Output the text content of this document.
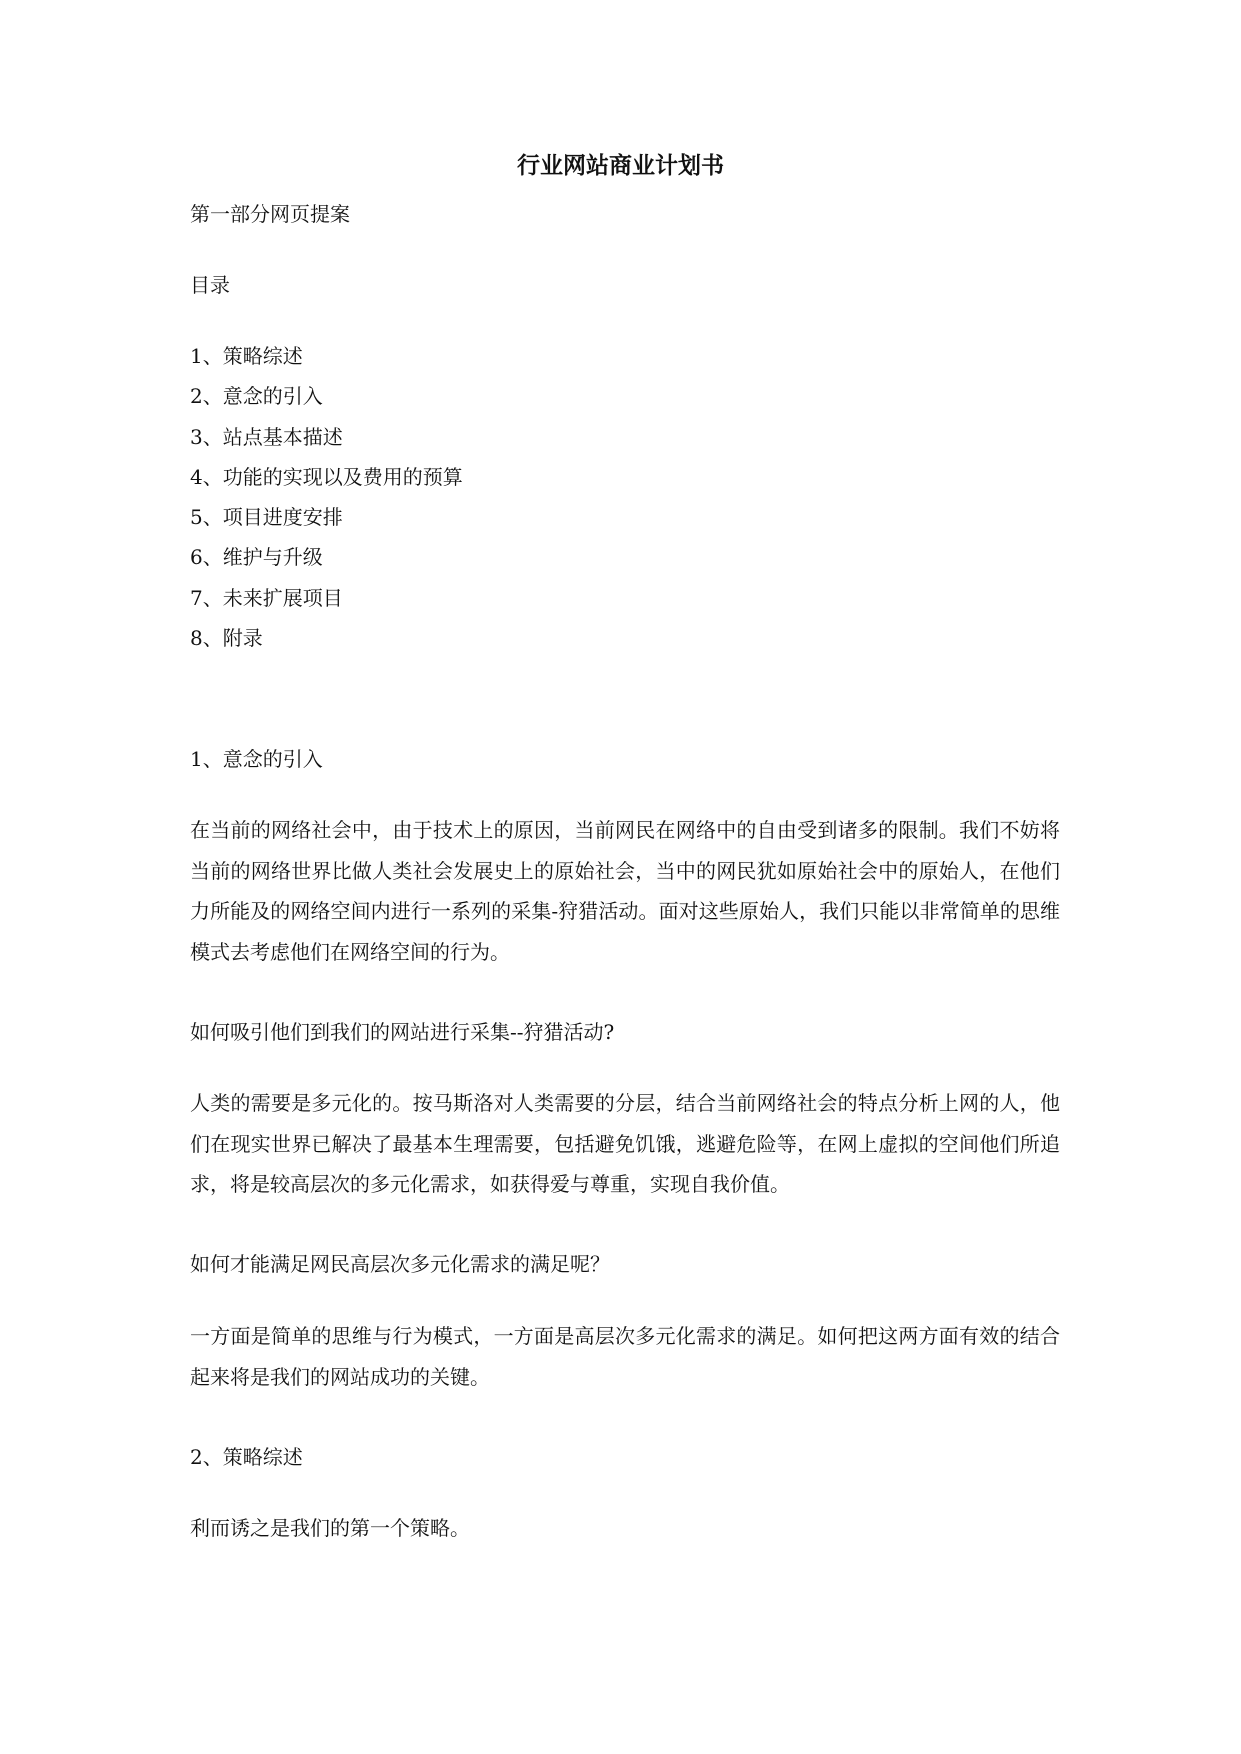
行业网站商业计划书
第一部分网页提案
目录
1、策略综述
2、意念的引入
3、站点基本描述
4、功能的实现以及费用的预算
5、项目进度安排
6、维护与升级
7、未来扩展项目
8、附录
1、意念的引入
在当前的网络社会中，由于技术上的原因，当前网民在网络中的自由受到诸多的限制。我们不妨将当前的网络世界比做人类社会发展史上的原始社会，当中的网民犹如原始社会中的原始人，在他们力所能及的网络空间内进行一系列的采集-狩猎活动。面对这些原始人，我们只能以非常简单的思维模式去考虑他们在网络空间的行为。
如何吸引他们到我们的网站进行采集--狩猎活动?
人类的需要是多元化的。按马斯洛对人类需要的分层，结合当前网络社会的特点分析上网的人，他们在现实世界已解决了最基本生理需要，包括避免饥饿，逃避危险等，在网上虚拟的空间他们所追求，将是较高层次的多元化需求，如获得爱与尊重，实现自我价值。
如何才能满足网民高层次多元化需求的满足呢？
一方面是简单的思维与行为模式，一方面是高层次多元化需求的满足。如何把这两方面有效的结合起来将是我们的网站成功的关键。
2、策略综述
利而诱之是我们的第一个策略。
